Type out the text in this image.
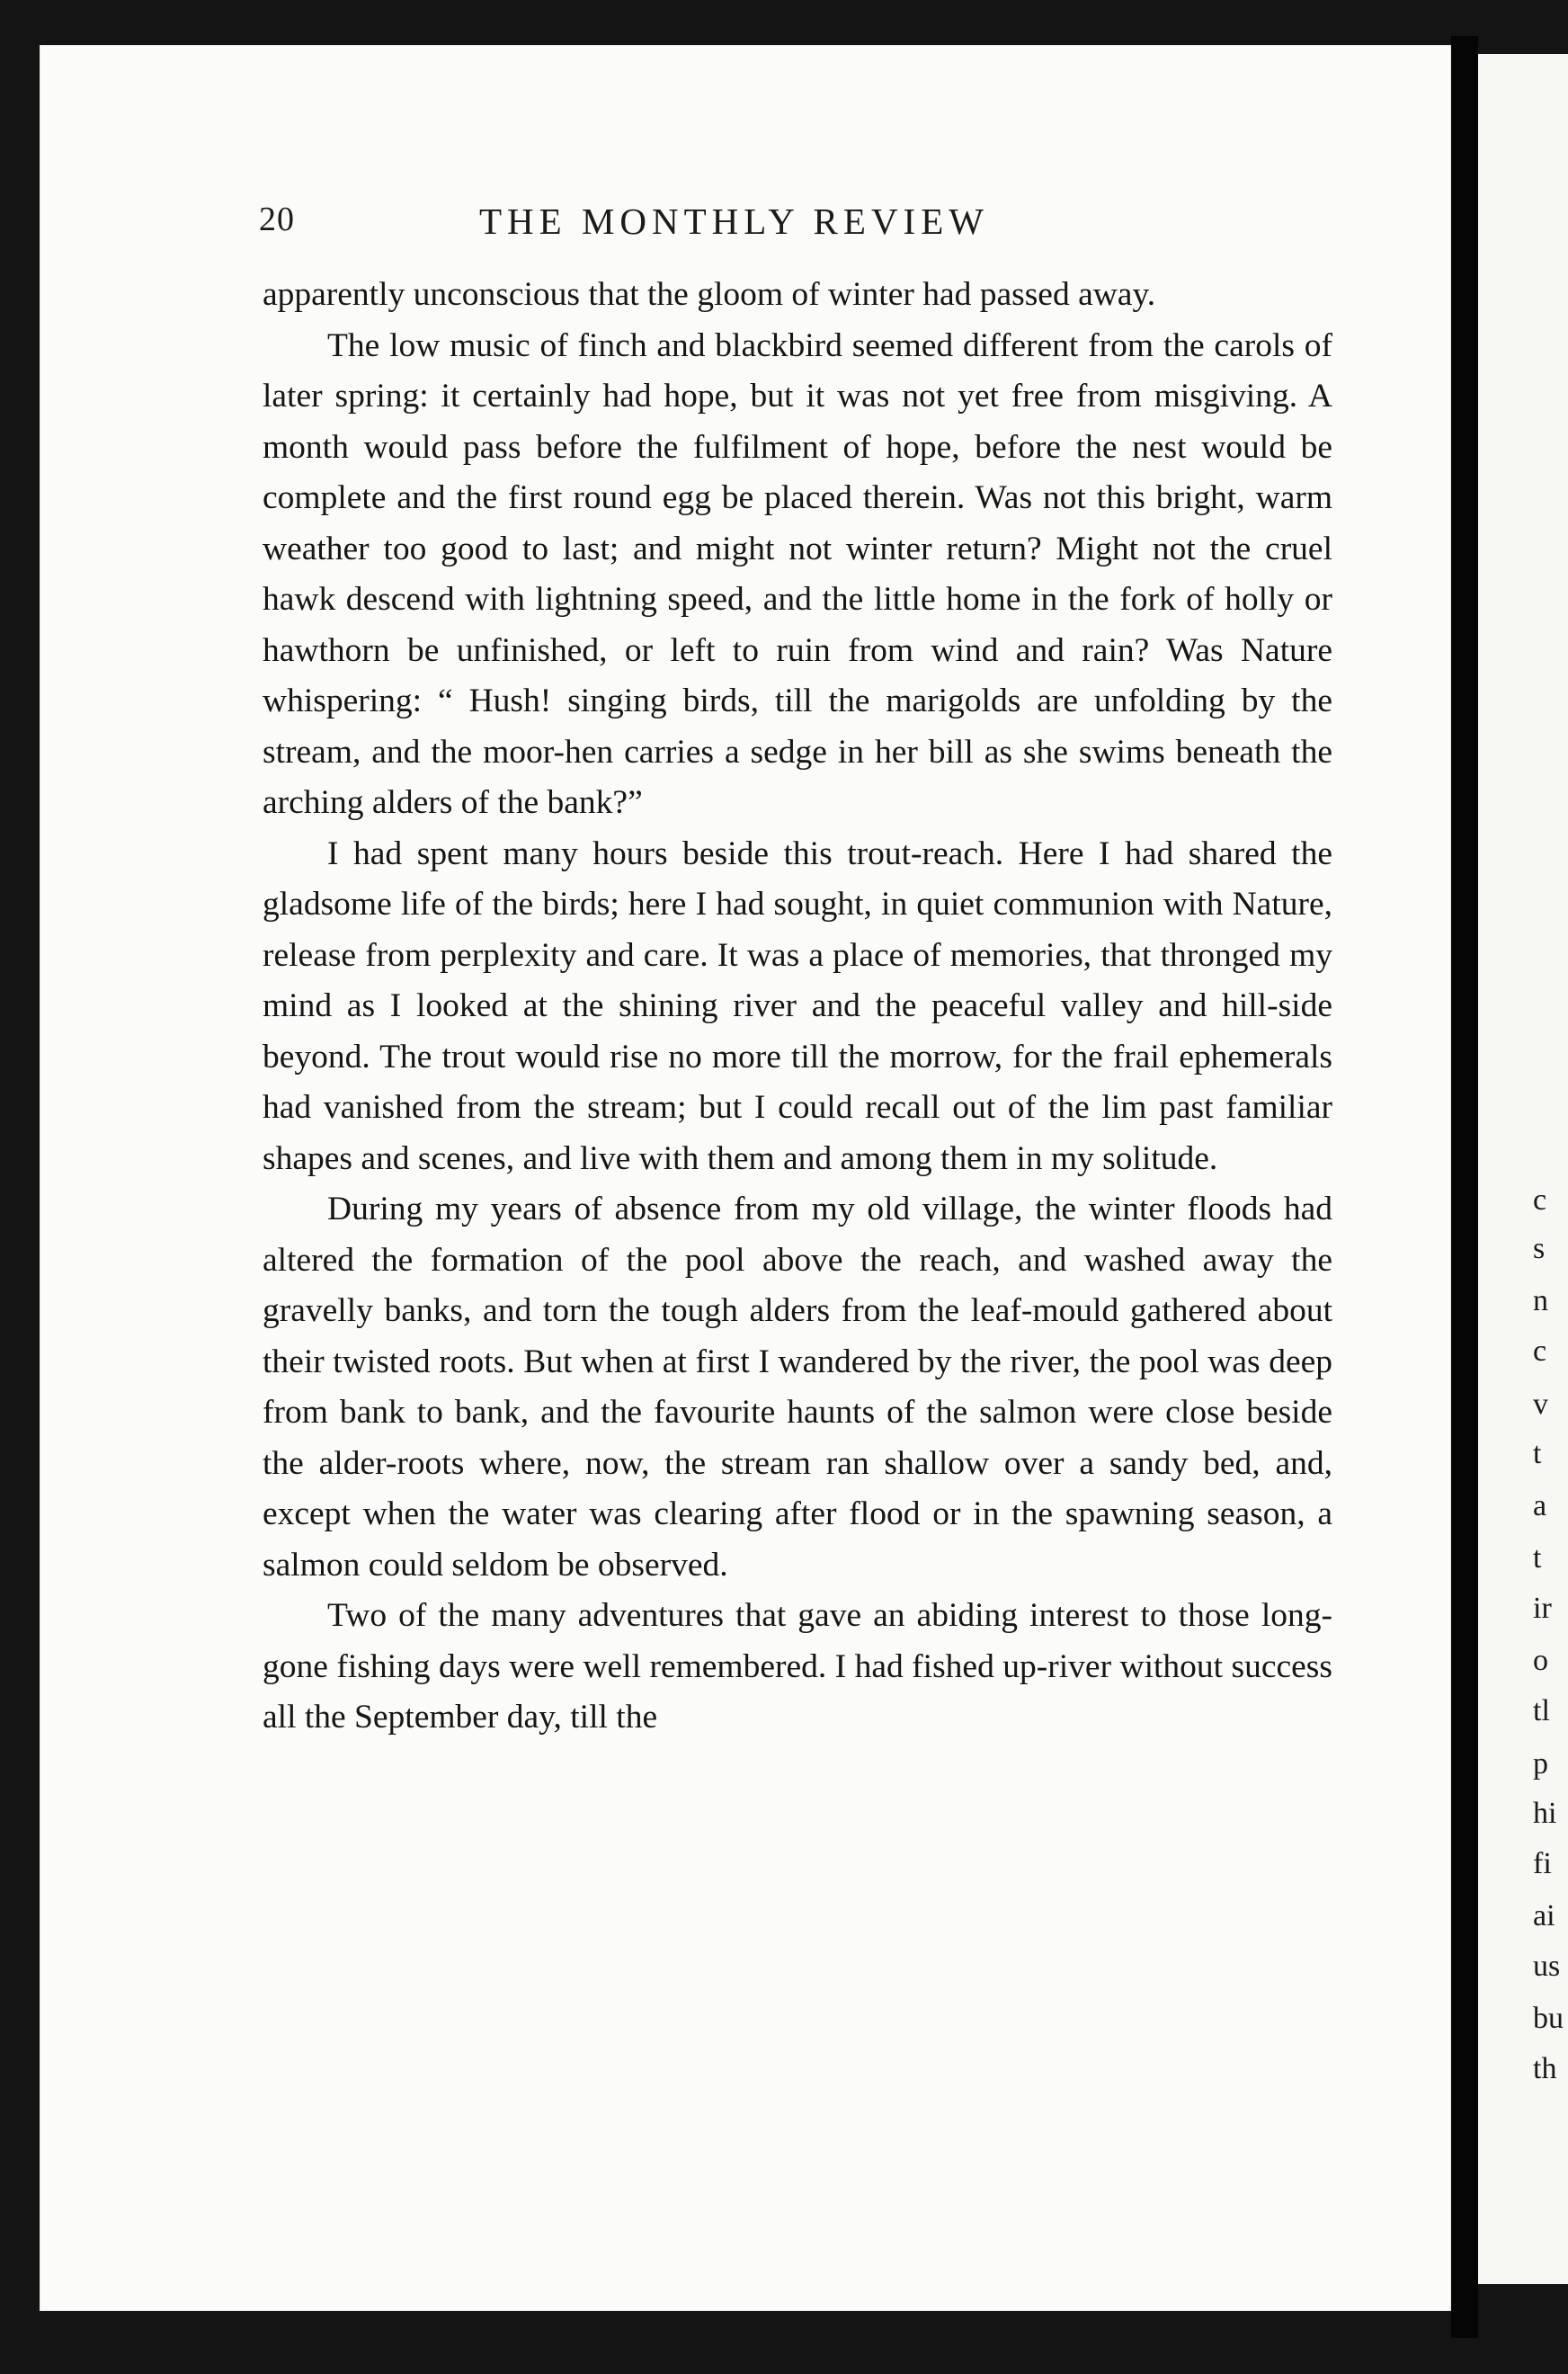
c
s
n
c
v
t
a
t
ir
o
tl
p
hi
fi
ai
us
bu
th
20	THE MONTHLY REVIEW

apparently unconscious that the gloom of winter had passed away.

The low music of finch and blackbird seemed different from the carols of later spring: it certainly had hope, but it was not yet free from misgiving. A month would pass before the fulfilment of hope, before the nest would be complete and the first round egg be placed therein. Was not this bright, warm weather too good to last; and might not winter return? Might not the cruel hawk descend with lightning speed, and the little home in the fork of holly or hawthorn be unfinished, or left to ruin from wind and rain? Was Nature whispering: “ Hush! singing birds, till the marigolds are unfolding by the stream, and the moor-hen carries a sedge in her bill as she swims beneath the arching alders of the bank?”

I had spent many hours beside this trout-reach. Here I had shared the gladsome life of the birds; here I had sought, in quiet communion with Nature, release from perplexity and care. It was a place of memories, that thronged my mind as I looked at the shining river and the peaceful valley and hill-side beyond. The trout would rise no more till the morrow, for the frail ephemerals had vanished from the stream; but I could recall out of the lim past familiar shapes and scenes, and live with them and among them in my solitude.

During my years of absence from my old village, the winter floods had altered the formation of the pool above the reach, and washed away the gravelly banks, and torn the tough alders from the leaf-mould gathered about their twisted roots. But when at first I wandered by the river, the pool was deep from bank to bank, and the favourite haunts of the salmon were close beside the alder-roots where, now, the stream ran shallow over a sandy bed, and, except when the water was clearing after flood or in the spawning season, a salmon could seldom be observed.

Two of the many adventures that gave an abiding interest to those long-gone fishing days were well remembered. I had fished up-river without success all the September day, till the
